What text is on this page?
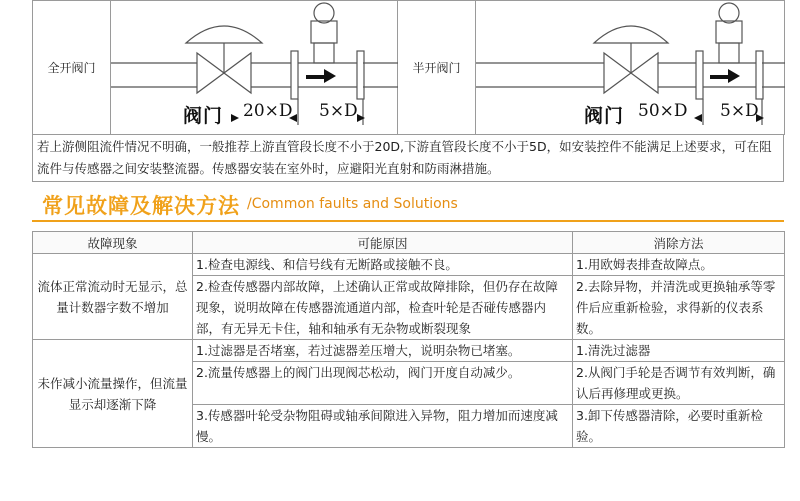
全开阀门	
阀门 20×D 5×D
	半开阀门	
阀门 50×D 5×D
若上游侧阻流件情况不明确，一般推荐上游直管段长度不小于20D,下游直管段长度不小于5D，如安装控件不能满足上述要求，可在阻流件与传感器之间安装整流器。传感器安装在室外时，应避阳光直射和防雨淋措施。
常见故障及解决方法 /Common faults and Solutions
故障现象	可能原因	消除方法
流体正常流动时无显示，总量计数器字数不增加	1.检查电源线、和信号线有无断路或接触不良。	1.用欧姆表排查故障点。
	2.检查传感器内部故障，上述确认正常或故障排除，但仍存在故障现象，说明故障在传感器流通道内部，检查叶轮是否碰传感器内部，有无异无卡住，轴和轴承有无杂物或断裂现象	2.去除异物，并清洗或更换轴承等零件后应重新检验，求得新的仪表系数。
未作减小流量操作，但流量显示却逐渐下降	1.过滤器是否堵塞，若过滤器差压增大，说明杂物已堵塞。	1.清洗过滤器
	2.流量传感器上的阀门出现阀芯松动，阀门开度自动减少。	2.从阀门手轮是否调节有效判断，确认后再修理或更换。
	3.传感器叶轮受杂物阻碍或轴承间隙进入异物，阻力增加而速度减慢。	3.卸下传感器清除，必要时重新检验。
